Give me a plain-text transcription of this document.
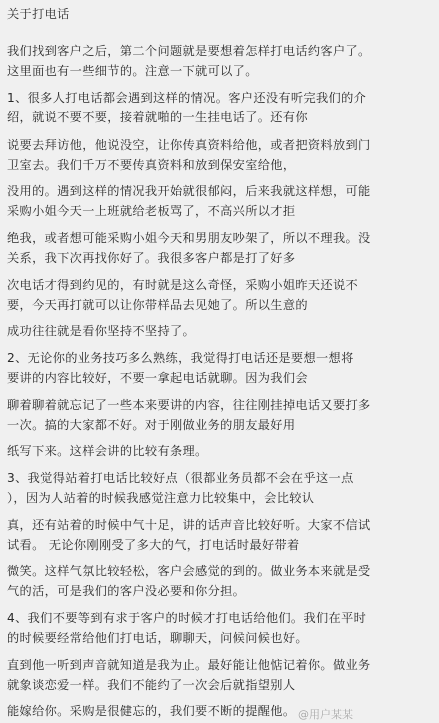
关于打电话
我们找到客户之后，第二个问题就是要想着怎样打电话约客户了。
这里面也有一些细节的。注意一下就可以了。
1、很多人打电话都会遇到这样的情况。客户还没有听完我们的介
绍，就说不要不要，接着就啪的一生挂电话了。还有你
说要去拜访他，他说没空，让你传真资料给他，或者把资料放到门
卫室去。我们千万不要传真资料和放到保安室给他，
没用的。遇到这样的情况我开始就很郁闷，后来我就这样想，可能
采购小姐今天一上班就给老板骂了，不高兴所以才拒
绝我，或者想可能采购小姐今天和男朋友吵架了，所以不理我。没
关系，我下次再找你好了。我很多客户都是打了好多
次电话才得到约见的，有时就是这么奇怪，采购小姐昨天还说不
要，今天再打就可以让你带样品去见她了。所以生意的
成功往往就是看你坚持不坚持了。
2、无论你的业务技巧多么熟练，我觉得打电话还是要想一想将
要讲的内容比较好，不要一拿起电话就聊。因为我们会
聊着聊着就忘记了一些本来要讲的内容，往往刚挂掉电话又要打多
一次。搞的大家都不好。对于刚做业务的朋友最好用
纸写下来。这样会讲的比较有条理。
3、我觉得站着打电话比较好点（很都业务员都不会在乎这一点
），因为人站着的时候我感觉注意力比较集中，会比较认
真，还有站着的时候中气十足，讲的话声音比较好听。大家不信试
试看。 无论你刚刚受了多大的气，打电话时最好带着
微笑。这样气氛比较轻松，客户会感觉的到的。做业务本来就是受
气的活，可是我们的客户没必要和你分担。
4、我们不要等到有求于客户的时候才打电话给他们。我们在平时
的时候要经常给他们打电话，聊聊天，问候问候也好。
直到他一听到声音就知道是我为止。最好能让他惦记着你。做业务
就象谈恋爱一样。我们不能约了一次会后就指望别人
能嫁给你。采购是很健忘的，我们要不断的提醒他。 @用户某某
